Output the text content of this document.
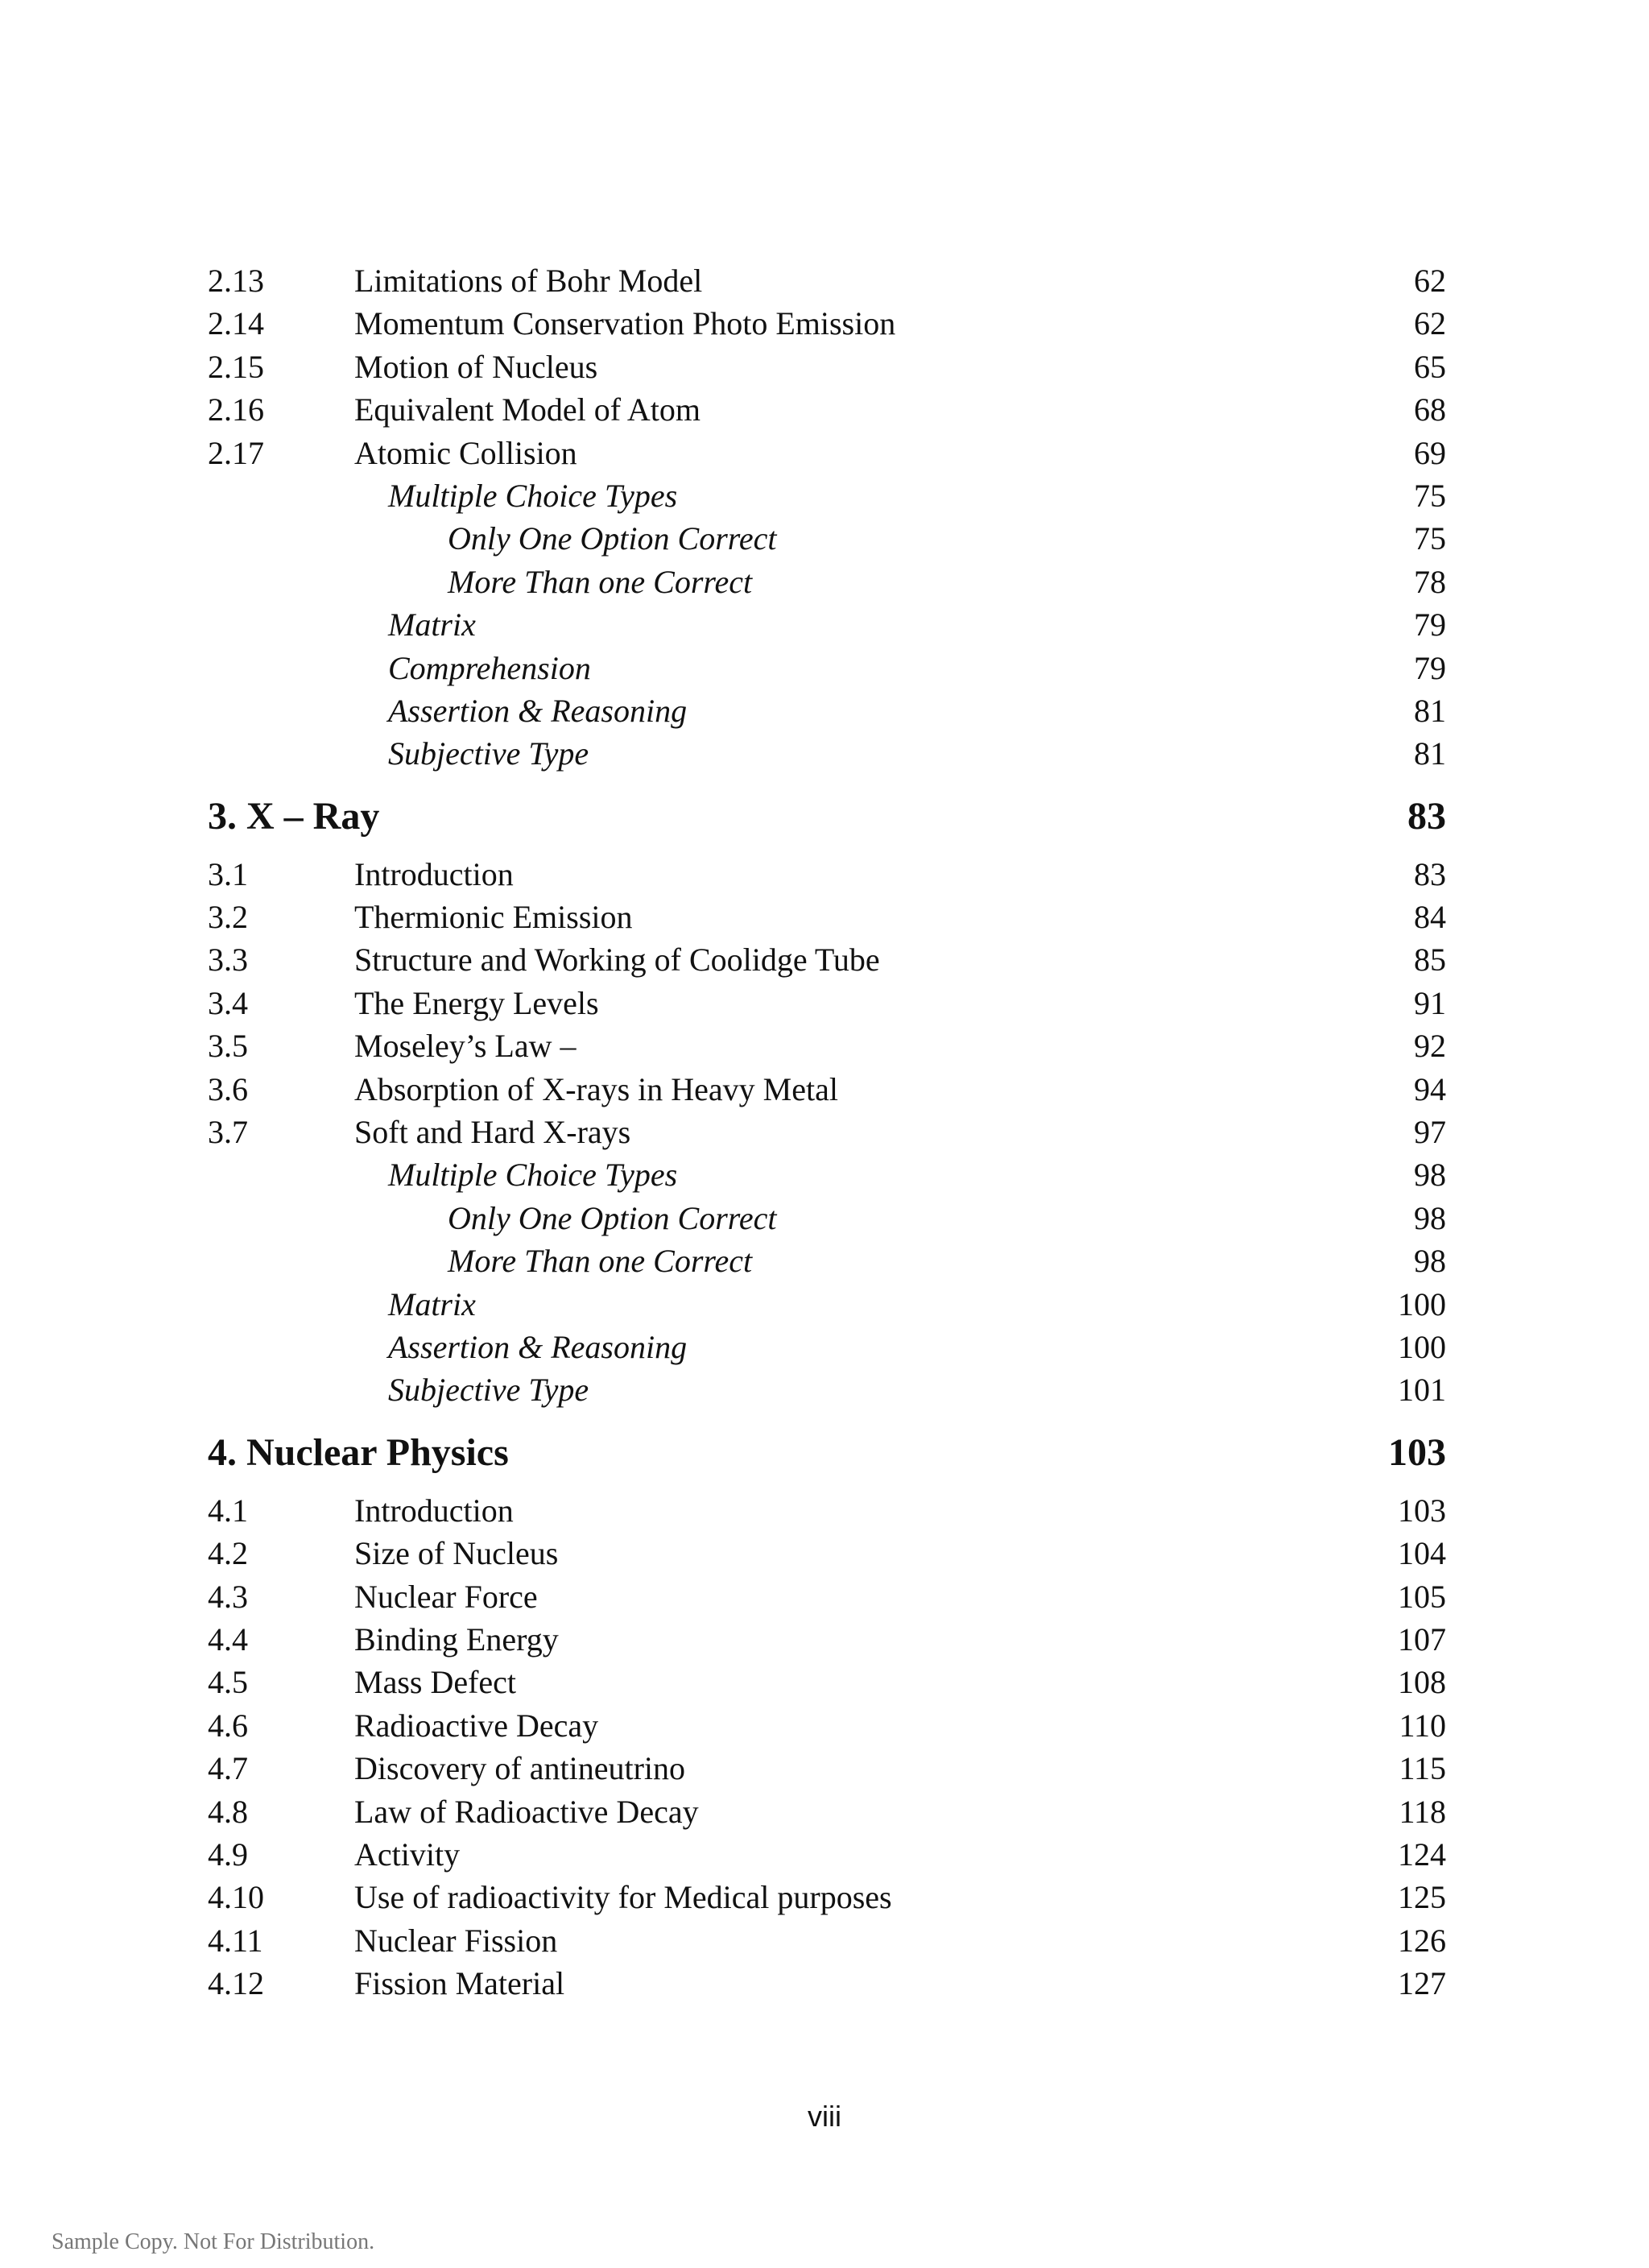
2.13	Limitations of Bohr Model	62
2.14	Momentum Conservation Photo Emission	62
2.15	Motion of Nucleus	65
2.16	Equivalent Model of Atom	68
2.17	Atomic Collision	69
Multiple Choice Types	75
Only One Option Correct	75
More Than one Correct	78
Matrix	79
Comprehension	79
Assertion & Reasoning	81
Subjective Type	81
3. X – Ray	83
3.1	Introduction	83
3.2	Thermionic Emission	84
3.3	Structure and Working of Coolidge Tube	85
3.4	The Energy Levels	91
3.5	Moseley’s Law –	92
3.6	Absorption of X-rays in Heavy Metal	94
3.7	Soft and Hard X-rays	97
Multiple Choice Types	98
Only One Option Correct	98
More Than one Correct	98
Matrix	100
Assertion & Reasoning	100
Subjective Type	101
4. Nuclear Physics	103
4.1	Introduction	103
4.2	Size of Nucleus	104
4.3	Nuclear Force	105
4.4	Binding Energy	107
4.5	Mass Defect	108
4.6	Radioactive Decay	110
4.7	Discovery of antineutrino	115
4.8	Law of Radioactive Decay	118
4.9	Activity	124
4.10	Use of radioactivity for Medical purposes	125
4.11	Nuclear Fission	126
4.12	Fission Material	127
viii
Sample Copy. Not For Distribution.
